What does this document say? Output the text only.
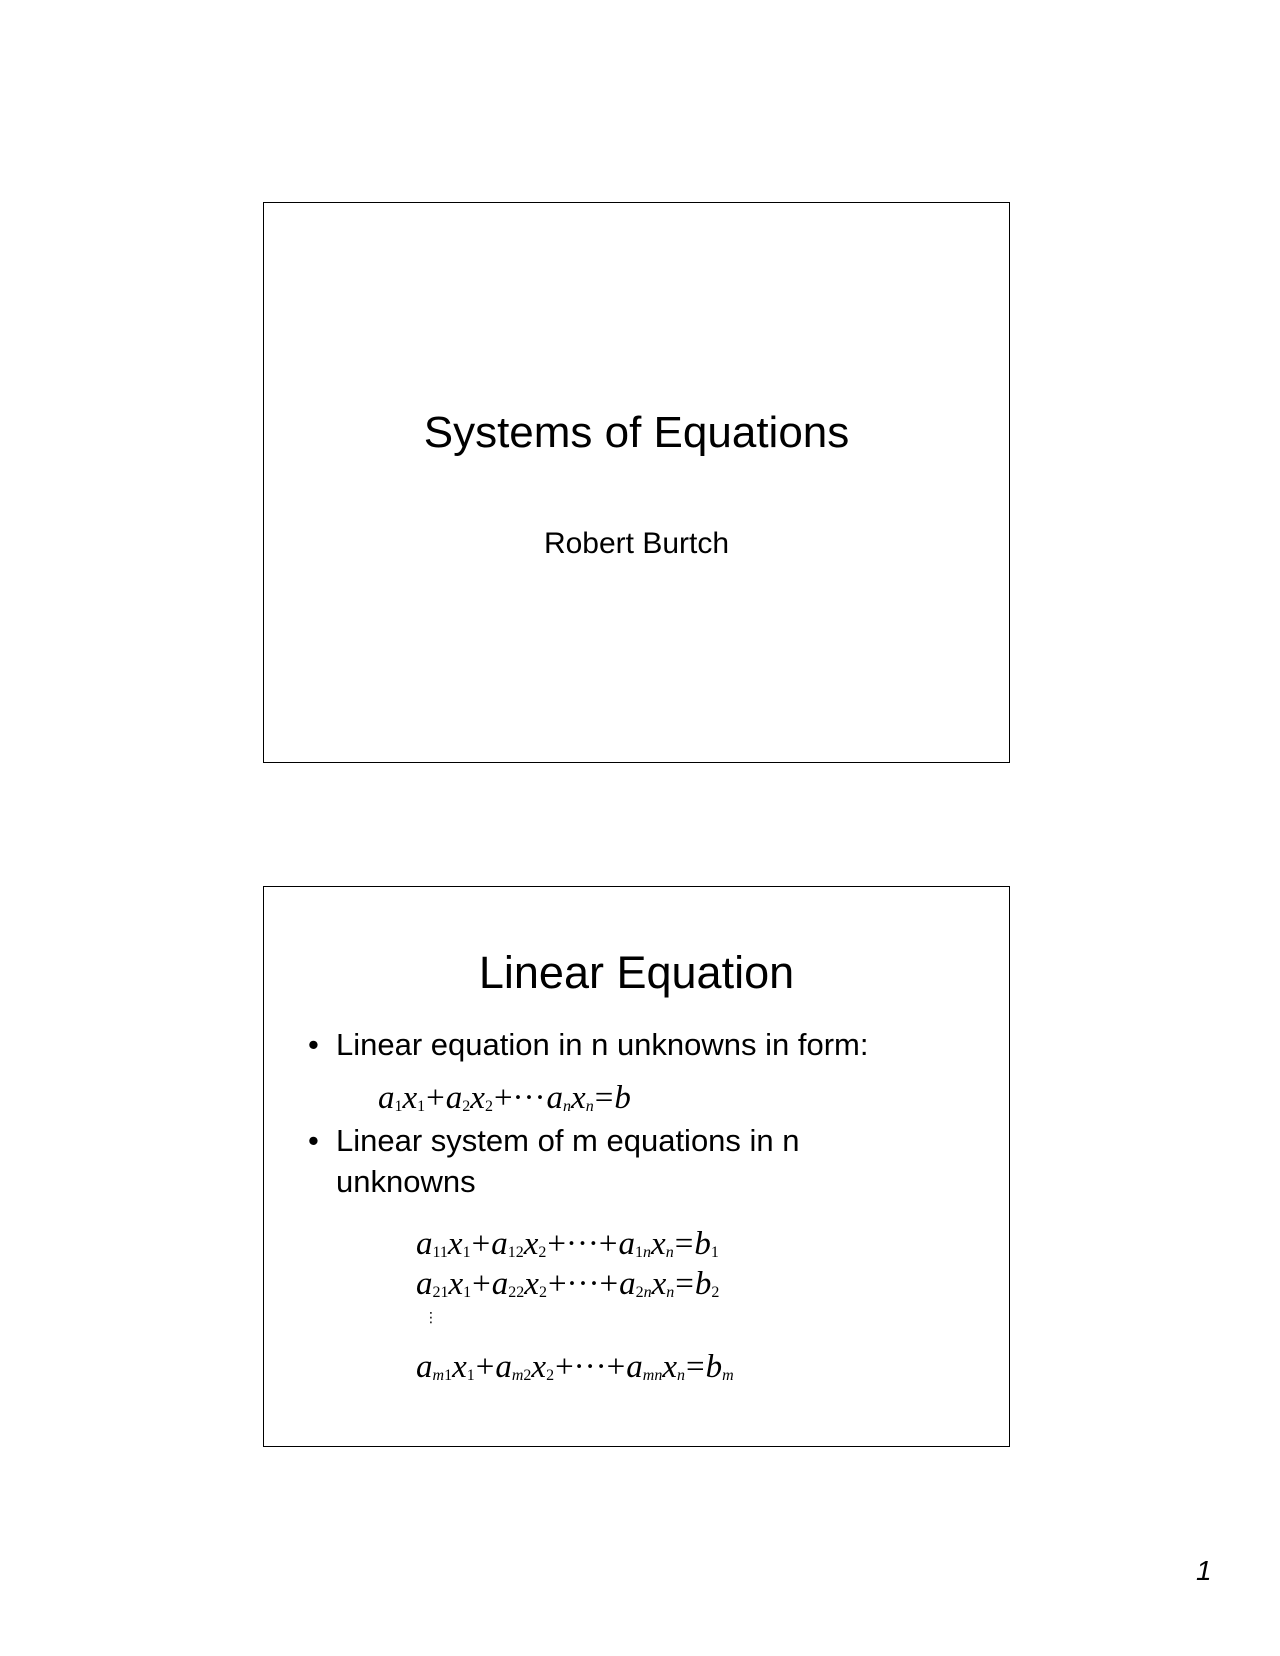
Systems of Equations
Robert Burtch
Linear Equation
• Linear equation in n unknowns in form:
$a_1x_1+a_2x_2+\cdot\cdot\cdot a_nx_n=b$
• Linear system of m equations in n unknowns
$a_{11}x_1+a_{12}x_2+\cdot\cdot\cdot+a_{1n}x_n=b_1$
$a_{21}x_1+a_{22}x_2+\cdot\cdot\cdot+a_{2n}x_n=b_2$
⋮
$a_{m1}x_1+a_{m2}x_2+\cdot\cdot\cdot+a_{mn}x_n=b_m$
1
